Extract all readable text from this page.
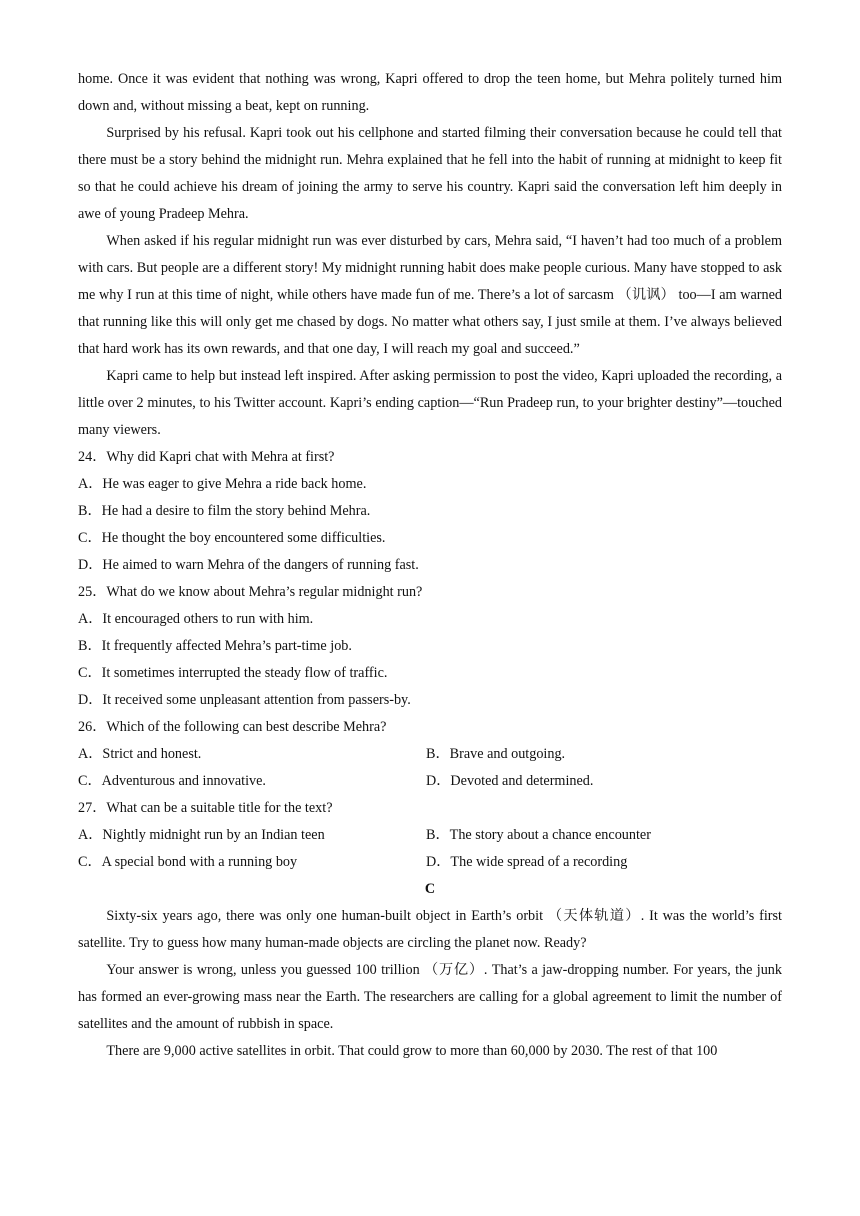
home. Once it was evident that nothing was wrong, Kapri offered to drop the teen home, but Mehra politely turned him down and, without missing a beat, kept on running.

Surprised by his refusal. Kapri took out his cellphone and started filming their conversation because he could tell that there must be a story behind the midnight run. Mehra explained that he fell into the habit of running at midnight to keep fit so that he could achieve his dream of joining the army to serve his country. Kapri said the conversation left him deeply in awe of young Pradeep Mehra.

When asked if his regular midnight run was ever disturbed by cars, Mehra said, “I haven’t had too much of a problem with cars. But people are a different story! My midnight running habit does make people curious. Many have stopped to ask me why I run at this time of night, while others have made fun of me. There’s a lot of sarcasm （讥讽） too—I am warned that running like this will only get me chased by dogs. No matter what others say, I just smile at them. I’ve always believed that hard work has its own rewards, and that one day, I will reach my goal and succeed.”

Kapri came to help but instead left inspired. After asking permission to post the video, Kapri uploaded the recording, a little over 2 minutes, to his Twitter account. Kapri’s ending caption—“Run Pradeep run, to your brighter destiny”—touched many viewers.

24．Why did Kapri chat with Mehra at first?

A．He was eager to give Mehra a ride back home.

B．He had a desire to film the story behind Mehra.

C．He thought the boy encountered some difficulties.

D．He aimed to warn Mehra of the dangers of running fast.

25．What do we know about Mehra’s regular midnight run?

A．It encouraged others to run with him.

B．It frequently affected Mehra’s part-time job.

C．It sometimes interrupted the steady flow of traffic.

D．It received some unpleasant attention from passers-by.

26．Which of the following can best describe Mehra?

A．Strict and honest.	B．Brave and outgoing.
C．Adventurous and innovative.	D．Devoted and determined.

27．What can be a suitable title for the text?

A．Nightly midnight run by an Indian teen	B．The story about a chance encounter
C．A special bond with a running boy	D．The wide spread of a recording

C

Sixty-six years ago, there was only one human-built object in Earth’s orbit （天体轨道）. It was the world’s first satellite. Try to guess how many human-made objects are circling the planet now. Ready?

Your answer is wrong, unless you guessed 100 trillion （万亿）. That’s a jaw-dropping number. For years, the junk has formed an ever-growing mass near the Earth. The researchers are calling for a global agreement to limit the number of satellites and the amount of rubbish in space.

There are 9,000 active satellites in orbit. That could grow to more than 60,000 by 2030. The rest of that 100
